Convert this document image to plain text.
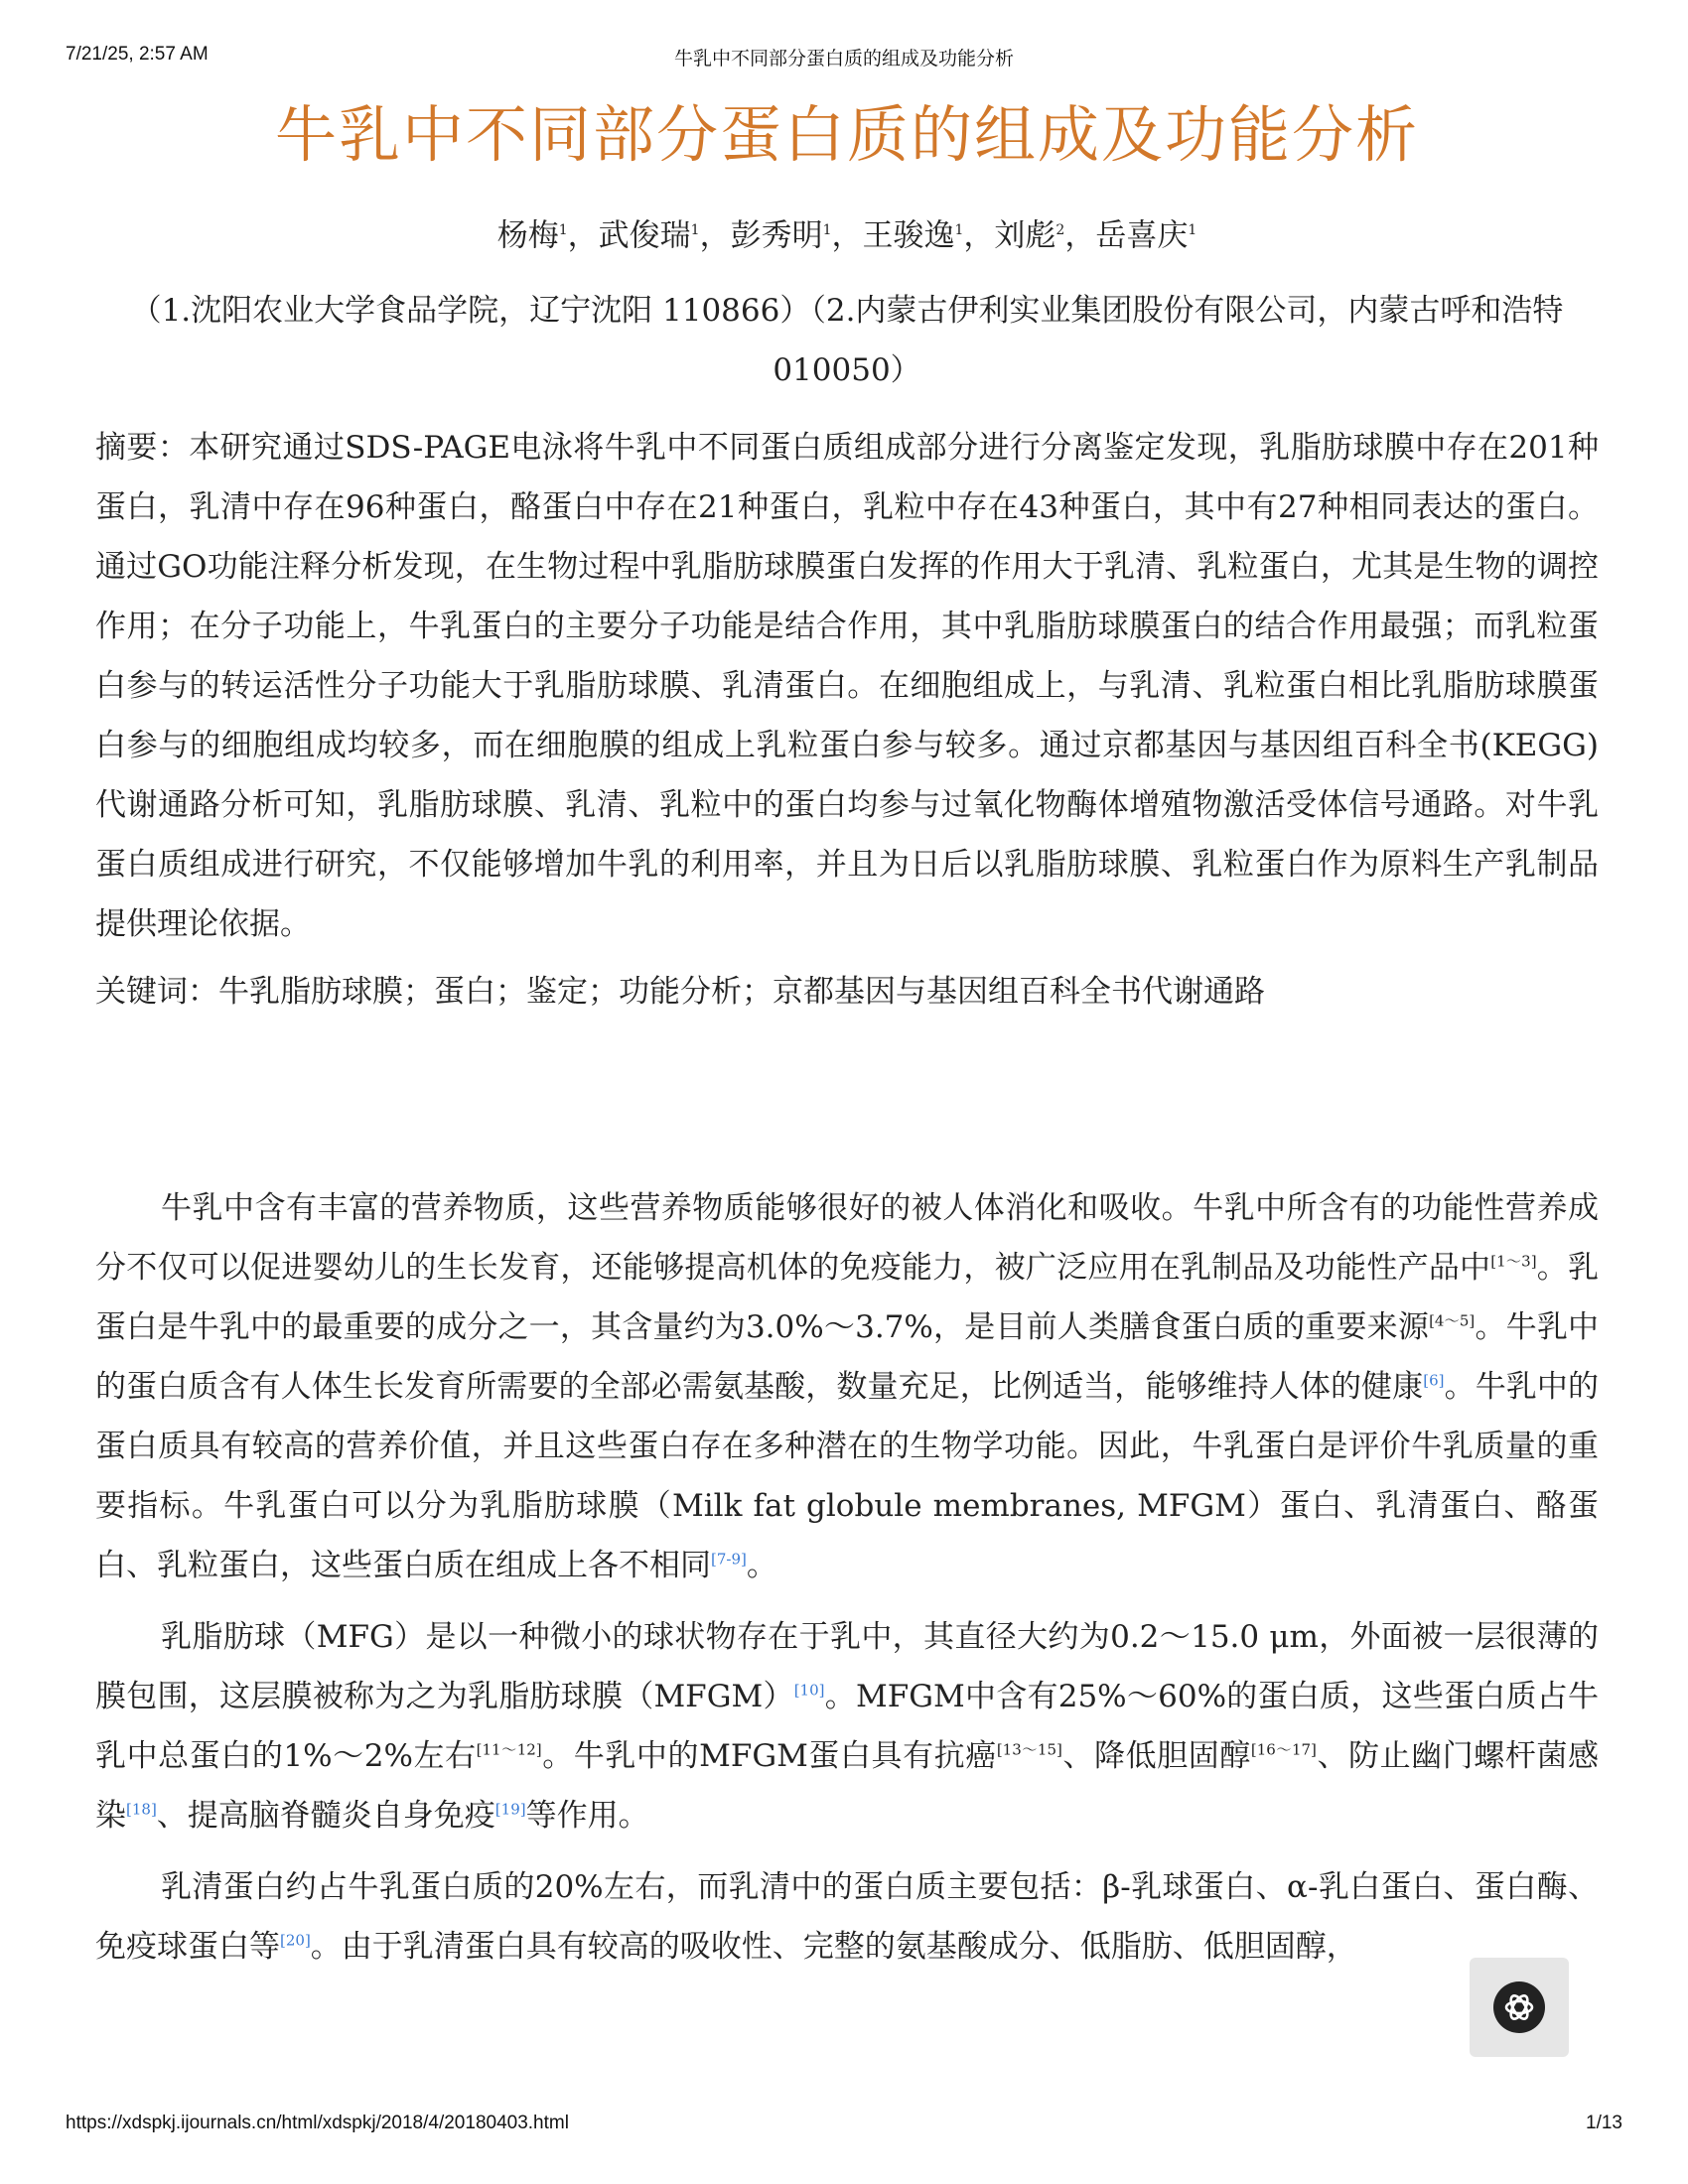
7/21/25, 2:57 AM	牛乳中不同部分蛋白质的组成及功能分析
牛乳中不同部分蛋白质的组成及功能分析
杨梅$^1$，武俊瑞$^1$，彭秀明$^1$，王骏逸$^1$，刘彪$^2$，岳喜庆$^1$
（1.沈阳农业大学食品学院，辽宁沈阳 110866）（2.内蒙古伊利实业集团股份有限公司，内蒙古呼和浩特 010050）
摘要：本研究通过SDS-PAGE电泳将牛乳中不同蛋白质组成部分进行分离鉴定发现，乳脂肪球膜中存在201种蛋白，乳清中存在96种蛋白，酪蛋白中存在21种蛋白，乳粒中存在43种蛋白，其中有27种相同表达的蛋白。通过GO功能注释分析发现，在生物过程中乳脂肪球膜蛋白发挥的作用大于乳清、乳粒蛋白，尤其是生物的调控作用；在分子功能上，牛乳蛋白的主要分子功能是结合作用，其中乳脂肪球膜蛋白的结合作用最强；而乳粒蛋白参与的转运活性分子功能大于乳脂肪球膜、乳清蛋白。在细胞组成上，与乳清、乳粒蛋白相比乳脂肪球膜蛋白参与的细胞组成均较多，而在细胞膜的组成上乳粒蛋白参与较多。通过京都基因与基因组百科全书(KEGG)代谢通路分析可知，乳脂肪球膜、乳清、乳粒中的蛋白均参与过氧化物酶体增殖物激活受体信号通路。对牛乳蛋白质组成进行研究，不仅能够增加牛乳的利用率，并且为日后以乳脂肪球膜、乳粒蛋白作为原料生产乳制品提供理论依据。
关键词：牛乳脂肪球膜；蛋白；鉴定；功能分析；京都基因与基因组百科全书代谢通路

牛乳中含有丰富的营养物质，这些营养物质能够很好的被人体消化和吸收。牛乳中所含有的功能性营养成分不仅可以促进婴幼儿的生长发育，还能够提高机体的免疫能力，被广泛应用在乳制品及功能性产品中[1～3]。乳蛋白是牛乳中的最重要的成分之一，其含量约为3.0%～3.7%，是目前人类膳食蛋白质的重要来源[4～5]。牛乳中的蛋白质含有人体生长发育所需要的全部必需氨基酸，数量充足，比例适当，能够维持人体的健康[6]。牛乳中的蛋白质具有较高的营养价值，并且这些蛋白存在多种潜在的生物学功能。因此，牛乳蛋白是评价牛乳质量的重要指标。牛乳蛋白可以分为乳脂肪球膜（Milk fat globule membranes, MFGM）蛋白、乳清蛋白、酪蛋白、乳粒蛋白，这些蛋白质在组成上各不相同[7-9]。

乳脂肪球（MFG）是以一种微小的球状物存在于乳中，其直径大约为0.2～15.0 μm，外面被一层很薄的膜包围，这层膜被称为之为乳脂肪球膜（MFGM）[10]。MFGM中含有25%～60%的蛋白质，这些蛋白质占牛乳中总蛋白的1%～2%左右[11～12]。牛乳中的MFGM蛋白具有抗癌[13～15]、降低胆固醇[16～17]、防止幽门螺杆菌感染[18]、提高脑脊髓炎自身免疫[19]等作用。

乳清蛋白约占牛乳蛋白质的20%左右，而乳清中的蛋白质主要包括：β-乳球蛋白、α-乳白蛋白、蛋白酶、免疫球蛋白等[20]。由于乳清蛋白具有较高的吸收性、完整的氨基酸成分、低脂肪、低胆固醇，

https://xdspkj.ijournals.cn/html/xdspkj/2018/4/20180403.html	1/13
